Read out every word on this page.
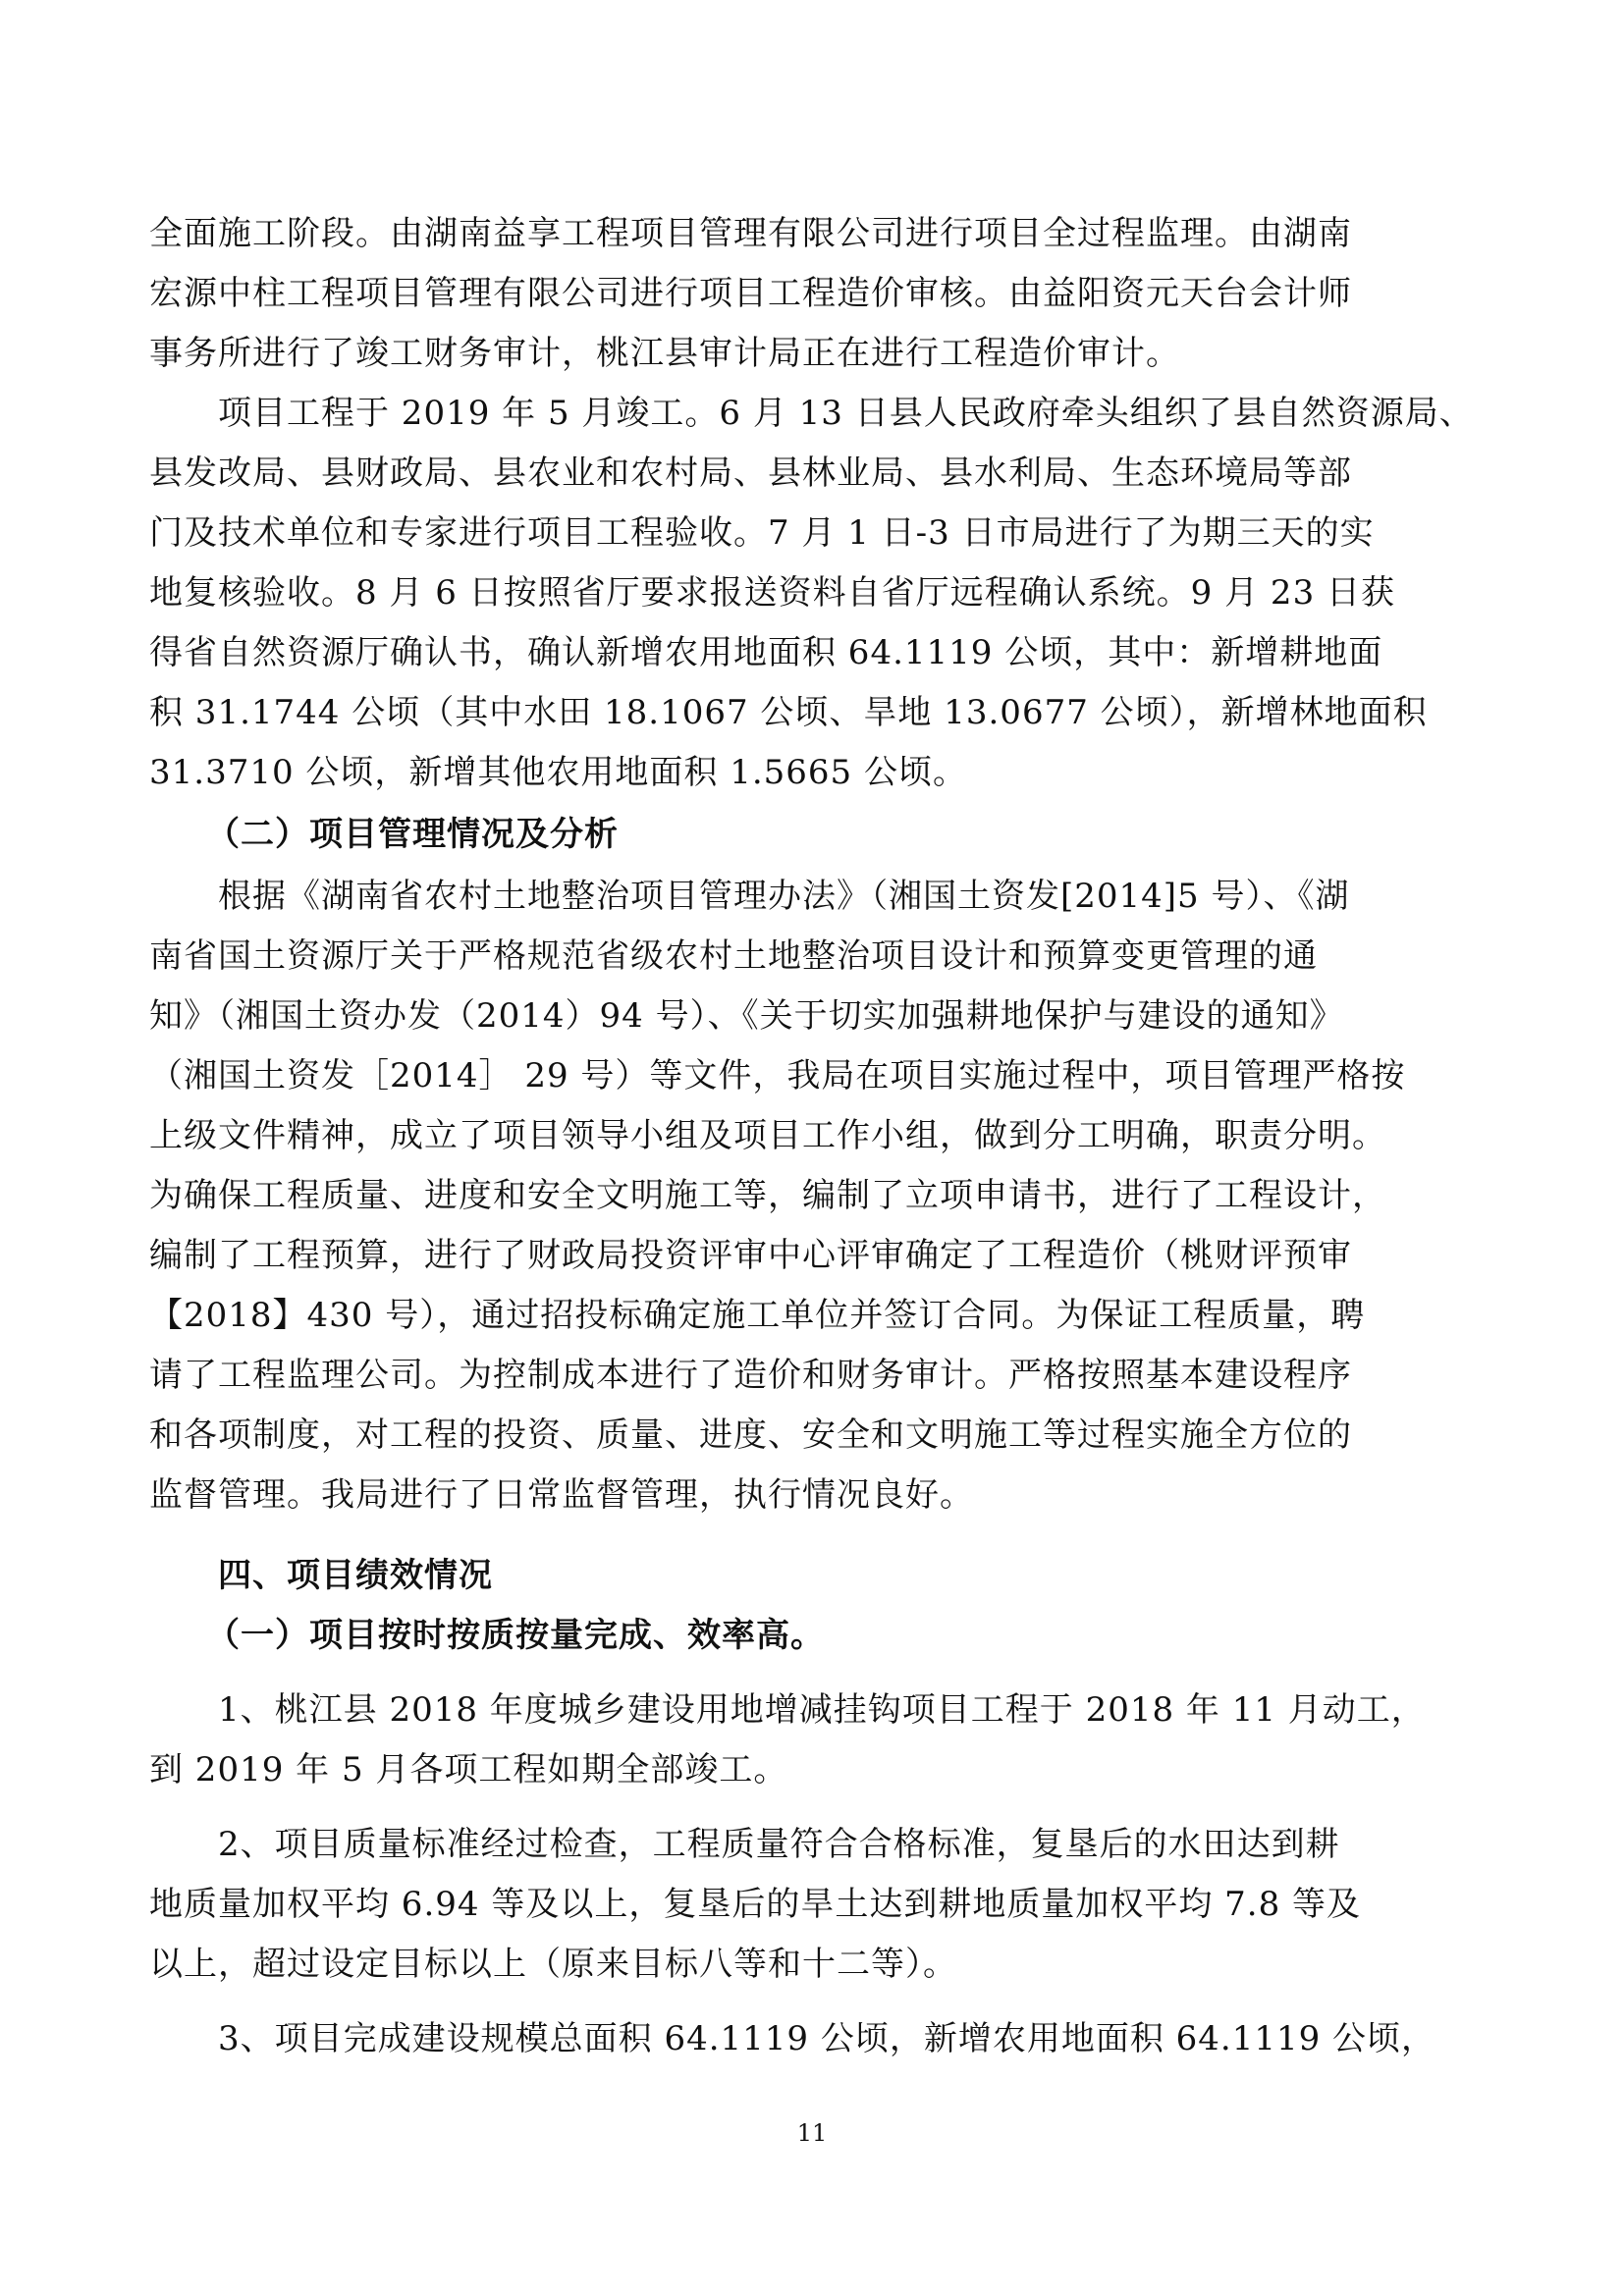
全面施工阶段。由湖南益享工程项目管理有限公司进行项目全过程监理。由湖南
宏源中柱工程项目管理有限公司进行项目工程造价审核。由益阳资元天台会计师
事务所进行了竣工财务审计，桃江县审计局正在进行工程造价审计。
项目工程于 2019 年 5 月竣工。6 月 13 日县人民政府牵头组织了县自然资源局、
县发改局、县财政局、县农业和农村局、县林业局、县水利局、生态环境局等部
门及技术单位和专家进行项目工程验收。7 月 1 日-3 日市局进行了为期三天的实
地复核验收。8 月 6 日按照省厅要求报送资料自省厅远程确认系统。9 月 23 日获
得省自然资源厅确认书，确认新增农用地面积 64.1119 公顷，其中：新增耕地面
积 31.1744 公顷（其中水田 18.1067 公顷、旱地 13.0677 公顷），新增林地面积
31.3710 公顷，新增其他农用地面积 1.5665 公顷。
（二）项目管理情况及分析
根据《湖南省农村土地整治项目管理办法》（湘国土资发[2014]5 号）、《湖
南省国土资源厅关于严格规范省级农村土地整治项目设计和预算变更管理的通
知》（湘国土资办发（2014）94 号）、《关于切实加强耕地保护与建设的通知》
（湘国土资发［2014］ 29 号）等文件，我局在项目实施过程中，项目管理严格按
上级文件精神，成立了项目领导小组及项目工作小组，做到分工明确，职责分明。
为确保工程质量、进度和安全文明施工等，编制了立项申请书，进行了工程设计，
编制了工程预算，进行了财政局投资评审中心评审确定了工程造价（桃财评预审
【2018】430 号），通过招投标确定施工单位并签订合同。为保证工程质量，聘
请了工程监理公司。为控制成本进行了造价和财务审计。严格按照基本建设程序
和各项制度，对工程的投资、质量、进度、安全和文明施工等过程实施全方位的
监督管理。我局进行了日常监督管理，执行情况良好。
四、项目绩效情况
（一）项目按时按质按量完成、效率高。
1、桃江县 2018 年度城乡建设用地增减挂钩项目工程于 2018 年 11 月动工，
到 2019 年 5 月各项工程如期全部竣工。
2、项目质量标准经过检查，工程质量符合合格标准，复垦后的水田达到耕
地质量加权平均 6.94 等及以上，复垦后的旱土达到耕地质量加权平均 7.8 等及
以上，超过设定目标以上（原来目标八等和十二等）。
3、项目完成建设规模总面积 64.1119 公顷，新增农用地面积 64.1119 公顷，
11
